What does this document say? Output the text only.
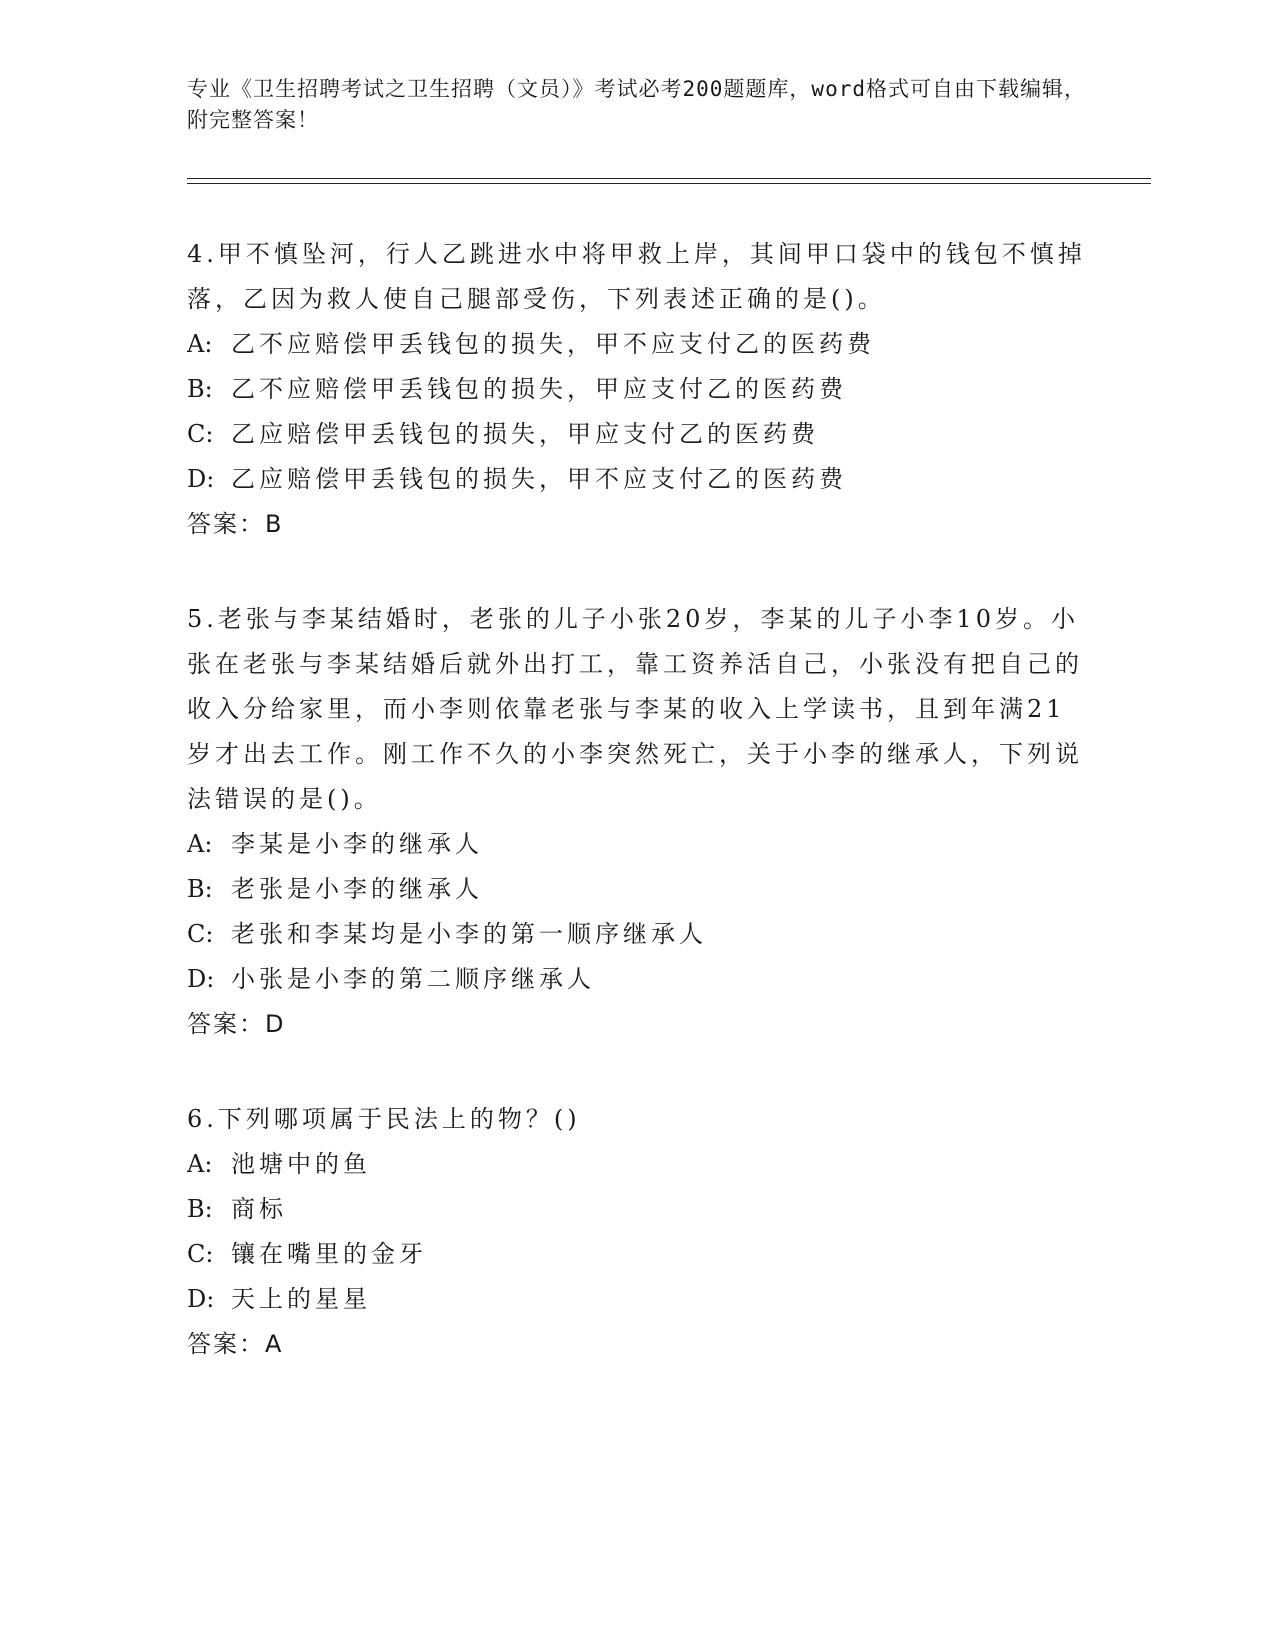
专业《卫生招聘考试之卫生招聘（文员）》考试必考200题题库，word格式可自由下载编辑，附完整答案！

4.甲不慎坠河，行人乙跳进水中将甲救上岸，其间甲口袋中的钱包不慎掉落，乙因为救人使自己腿部受伤，下列表述正确的是()。

A: 乙不应赔偿甲丢钱包的损失，甲不应支付乙的医药费

B: 乙不应赔偿甲丢钱包的损失，甲应支付乙的医药费

C: 乙应赔偿甲丢钱包的损失，甲应支付乙的医药费

D: 乙应赔偿甲丢钱包的损失，甲不应支付乙的医药费

答案：B

5.老张与李某结婚时，老张的儿子小张20岁，李某的儿子小李10岁。小张在老张与李某结婚后就外出打工，靠工资养活自己，小张没有把自己的收入分给家里，而小李则依靠老张与李某的收入上学读书，且到年满21岁才出去工作。刚工作不久的小李突然死亡，关于小李的继承人，下列说法错误的是()。

A: 李某是小李的继承人

B: 老张是小李的继承人

C: 老张和李某均是小李的第一顺序继承人

D: 小张是小李的第二顺序继承人

答案：D

6.下列哪项属于民法上的物？()

A: 池塘中的鱼

B: 商标

C: 镶在嘴里的金牙

D: 天上的星星

答案：A
